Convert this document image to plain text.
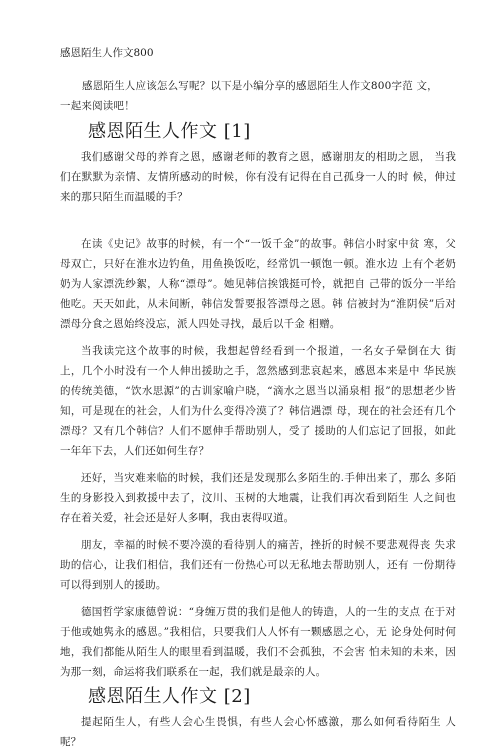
感恩陌生人作文800
感恩陌生人应该怎么写呢？以下是小编分享的感恩陌生人作文800字范 文，一起来阅读吧！
感恩陌生人作文 [1]
我们感谢父母的养育之恩，感谢老师的教育之恩，感谢朋友的相助之恩， 当我们在默默为亲情、友情所感动的时候，你有没有记得在自己孤身一人的时 候，伸过来的那只陌生而温暖的手？
在读《史记》故事的时候，有一个“一饭千金”的故事。韩信小时家中贫 寒，父母双亡，只好在淮水边钓鱼，用鱼换饭吃，经常饥一顿饱一顿。淮水边 上有个老奶奶为人家漂洗纱絮，人称“漂母”。她见韩信挨饿挺可怜，就把自 己带的饭分一半给他吃。天天如此，从未间断，韩信发誓要报答漂母之恩。韩 信被封为“淮阴侯”后对漂母分食之恩始终没忘，派人四处寻找，最后以千金 相赠。
当我读完这个故事的时候，我想起曾经看到一个报道，一名女子晕倒在大 街上，几个小时没有一个人伸出援助之手，忽然感到悲哀起来，感恩本来是中 华民族的传统美德，“饮水思源”的古训家喻户晓，“滴水之恩当以涌泉相 报”的思想老少皆知，可是现在的社会，人们为什么变得冷漠了？韩信遇漂 母，现在的社会还有几个漂母？又有几个韩信？人们不愿伸手帮助别人，受了 援助的人们忘记了回报，如此一年年下去，人们还如何生存？
还好，当灾难来临的时候，我们还是发现那么多陌生的.手伸出来了，那么 多陌生的身影投入到救援中去了，汶川、玉树的大地震，让我们再次看到陌生 人之间也存在着关爱，社会还是好人多啊，我由衷得叹道。
朋友，幸福的时候不要冷漠的看待别人的痛苦，挫折的时候不要悲观得丧 失求助的信心，让我们相信，我们还有一份热心可以无私地去帮助别人，还有 一份期待可以得到别人的援助。
德国哲学家康德曾说：“身缠万贯的我们是他人的铸造，人的一生的支点 在于对于他或她隽永的感恩。”我相信，只要我们人人怀有一颗感恩之心，无 论身处何时何地，我们都能从陌生人的眼里看到温暖，我们不会孤独，不会害 怕未知的未来，因为那一刻，命运将我们联系在一起，我们就是最亲的人。
感恩陌生人作文 [2]
提起陌生人，有些人会心生畏惧，有些人会心怀感激，那么如何看待陌生 人呢？
